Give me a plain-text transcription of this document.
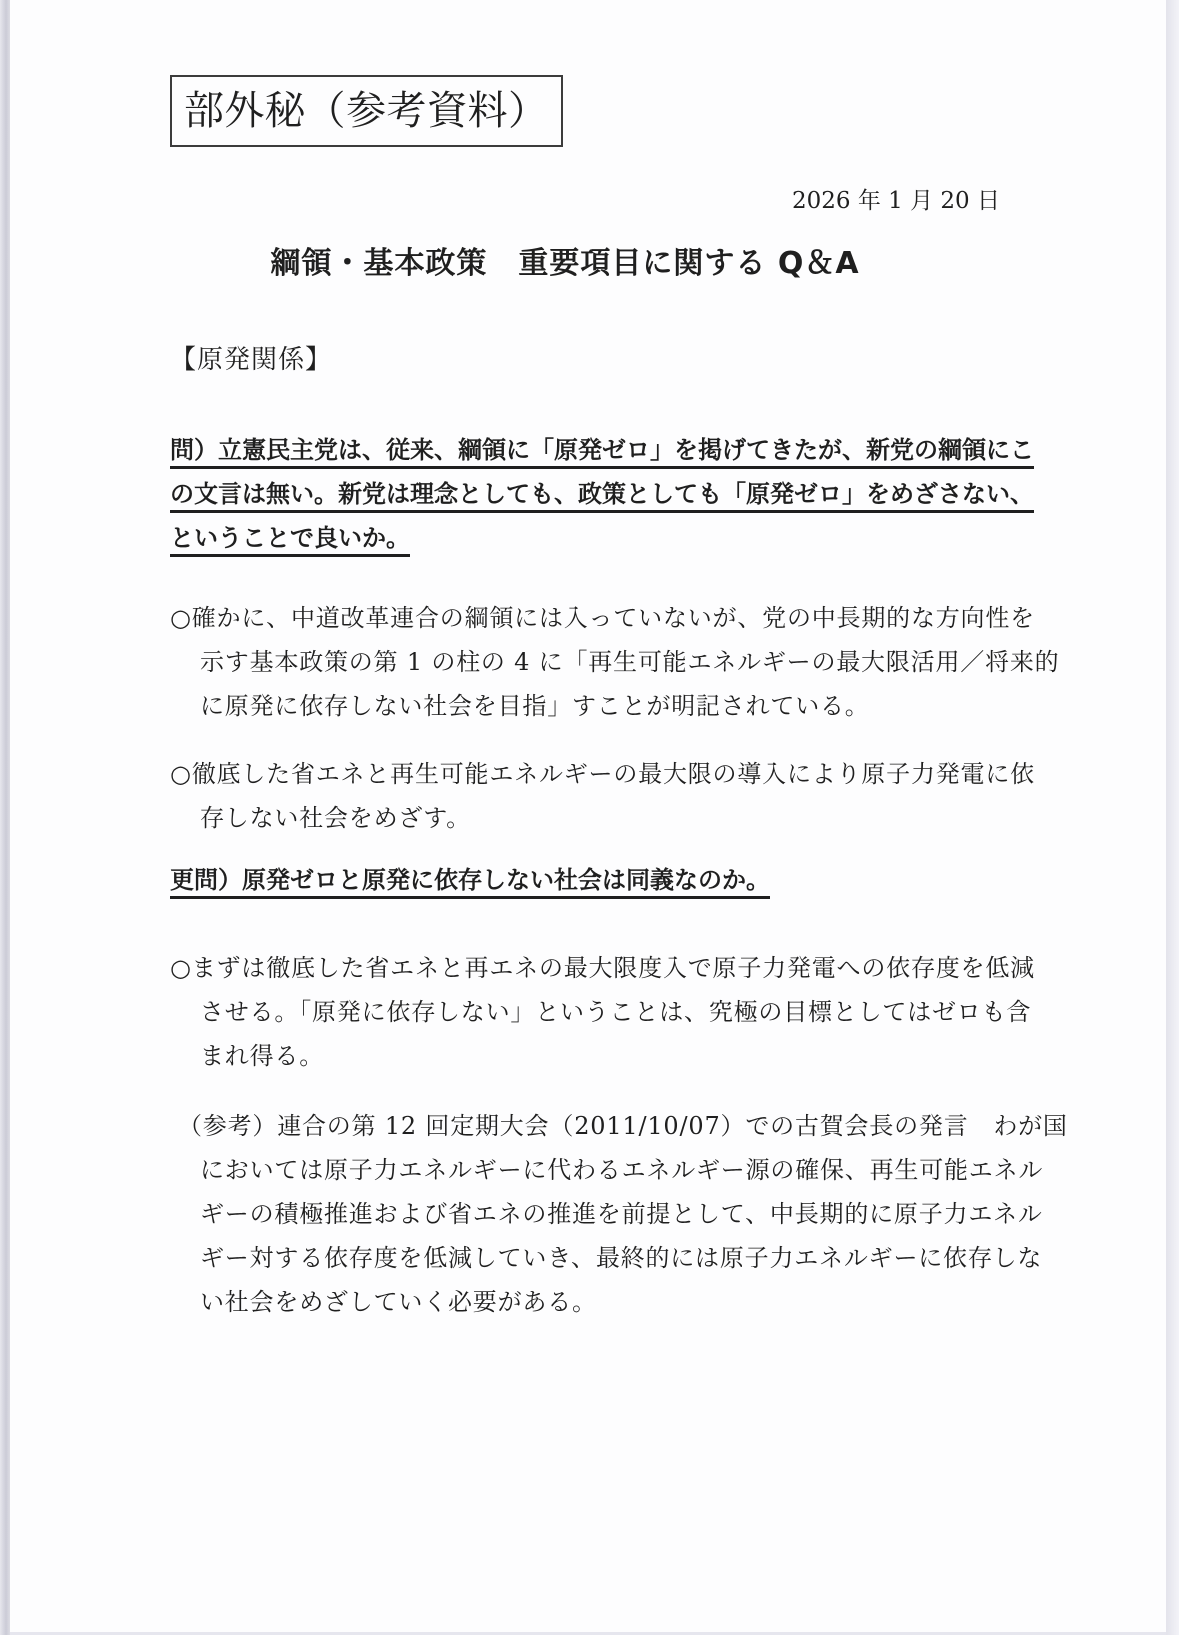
部外秘（参考資料）
2026 年 1 月 20 日
綱領・基本政策　重要項目に関する Q＆A
【原発関係】
問）立憲民主党は、従来、綱領に「原発ゼロ」を掲げてきたが、新党の綱領にこ
の文言は無い。新党は理念としても、政策としても「原発ゼロ」をめざさない、
ということで良いか。
○確かに、中道改革連合の綱領には入っていないが、党の中長期的な方向性を
示す基本政策の第 1 の柱の 4 に「再生可能エネルギーの最大限活用／将来的
に原発に依存しない社会を目指」すことが明記されている。
○徹底した省エネと再生可能エネルギーの最大限の導入により原子力発電に依
存しない社会をめざす。
更問）原発ゼロと原発に依存しない社会は同義なのか。
○まずは徹底した省エネと再エネの最大限度入で原子力発電への依存度を低減
させる。「原発に依存しない」ということは、究極の目標としてはゼロも含
まれ得る。
（参考）連合の第 12 回定期大会（2011/10/07）での古賀会長の発言　わが国
においては原子力エネルギーに代わるエネルギー源の確保、再生可能エネル
ギーの積極推進および省エネの推進を前提として、中長期的に原子力エネル
ギー対する依存度を低減していき、最終的には原子力エネルギーに依存しな
い社会をめざしていく必要がある。
